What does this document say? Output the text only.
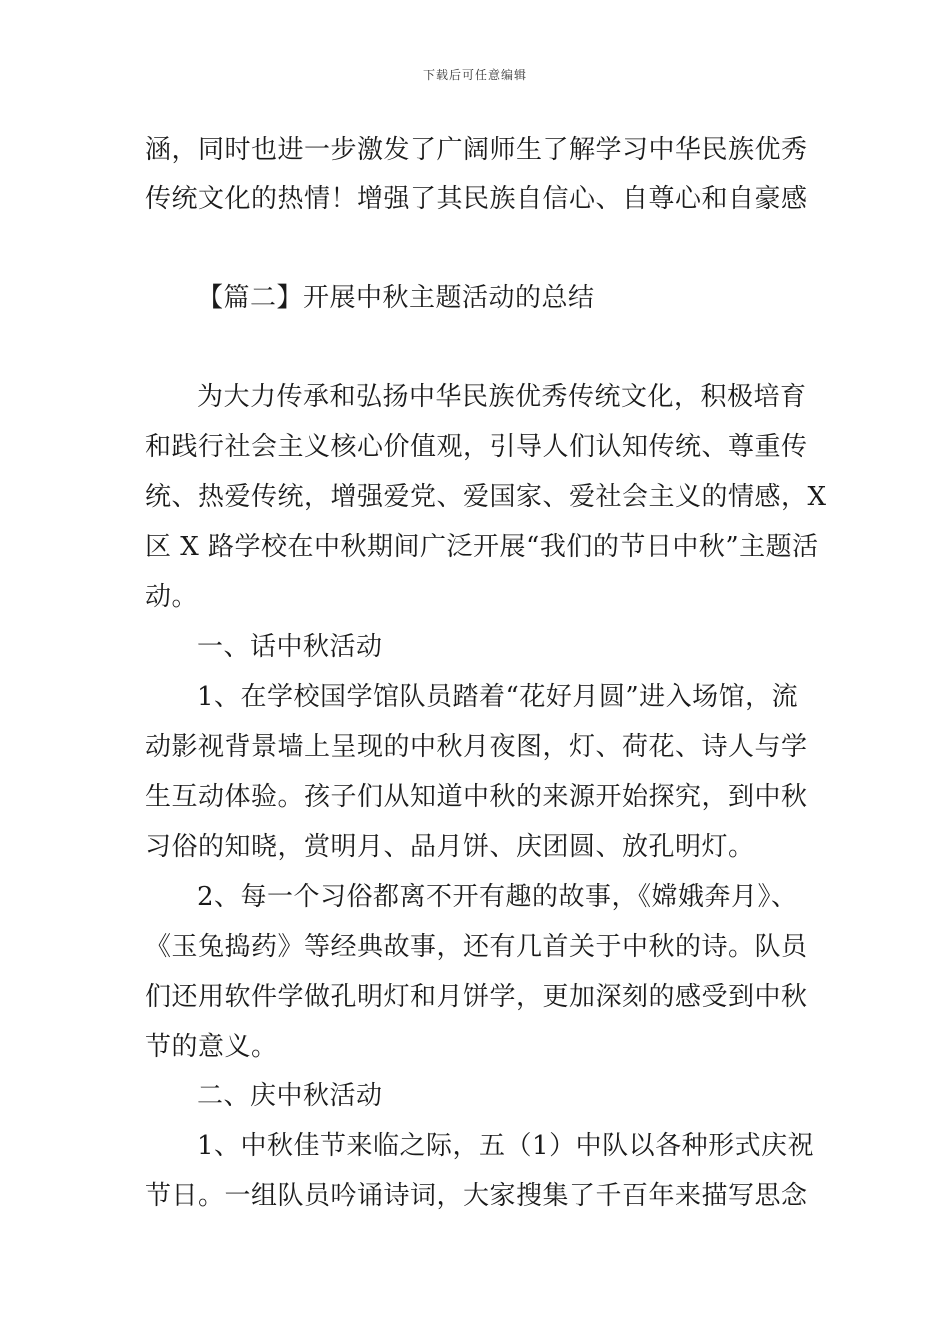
下载后可任意编辑
涵，同时也进一步激发了广阔师生了解学习中华民族优秀
传统文化的热情！增强了其民族自信心、自尊心和自豪感
【篇二】开展中秋主题活动的总结
为大力传承和弘扬中华民族优秀传统文化，积极培育
和践行社会主义核心价值观，引导人们认知传统、尊重传
统、热爱传统，增强爱党、爱国家、爱社会主义的情感，X
区 X 路学校在中秋期间广泛开展“我们的节日中秋”主题活
动。
一、话中秋活动
1、在学校国学馆队员踏着“花好月圆”进入场馆，流
动影视背景墙上呈现的中秋月夜图，灯、荷花、诗人与学
生互动体验。孩子们从知道中秋的来源开始探究，到中秋
习俗的知晓，赏明月、品月饼、庆团圆、放孔明灯。
2、每一个习俗都离不开有趣的故事，《嫦娥奔月》、
《玉兔捣药》等经典故事，还有几首关于中秋的诗。队员
们还用软件学做孔明灯和月饼学，更加深刻的感受到中秋
节的意义。
二、庆中秋活动
1、中秋佳节来临之际，五（1）中队以各种形式庆祝
节日。一组队员吟诵诗词，大家搜集了千百年来描写思念
